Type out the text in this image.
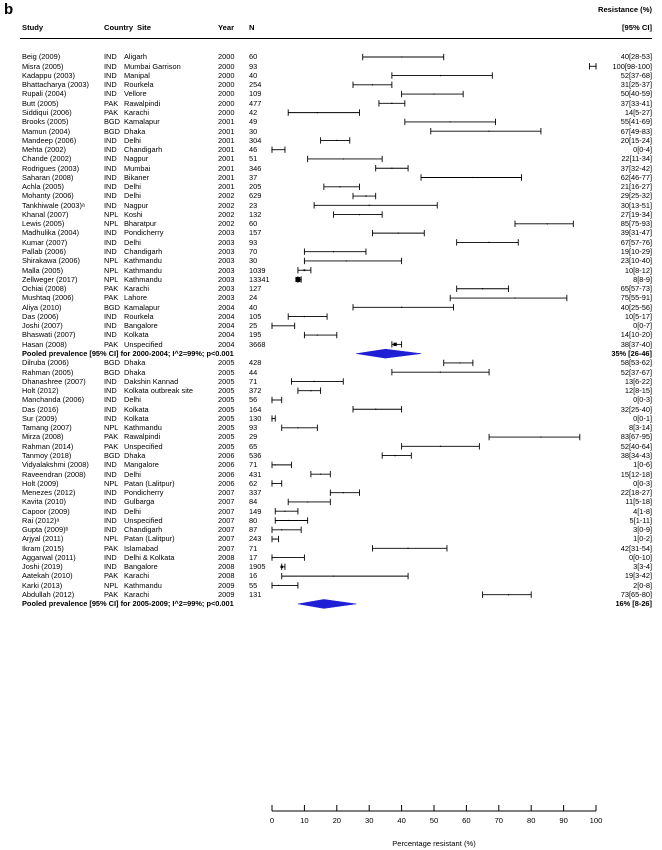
b	Resistance (%)
Study	Country Site	Year N	[95% CI]
Beig (2009)	IND Aligarh	2000 60	40[28-53]
Misra (2005)	IND Mumbai Garrison	2000 93	100[98-100]
Kadappu (2003)	IND Manipal	2000 40	52[37-68]
Bhattacharya (2003) IND Rourkela	2000 254	31[25-37]
Rupali (2004)	IND Vellore	2000 109	50[40-59]
Butt (2005)	PAK Rawalpindi	2000 477	37[33-41]
Siddiqui (2006)	PAK Karachi	2000 42	14[5-27]
Brooks (2005)	BGD Kamalapur	2001 49	55[41-69]
Mamun (2004)	BGD Dhaka	2001 30	67[49-83]
Mandeep (2006)	IND Delhi	2001 304	20[15-24]
Mehta (2002)	IND Chandigarh	2001 46	0[0-4]
Chande (2002)	IND Nagpur	2001 51	22[11-34]
Rodrigues (2003)	IND Mumbai	2001 346	37[32-42]
Saharan (2008)	IND Bikaner	2001 37	62[46-77]
Achla (2005)	IND Delhi	2001 205	21[16-27]
Mohanty (2006)	IND Delhi	2002 629	29[25-32]
Tankhiwale (2003)ᵃ	IND Nagpur	2002 23	30[13-51]
Khanal (2007)	NPL Koshi	2002 132	27[19-34]
Lewis (2005)	NPL Bharatpur	2002 60	85[75-93]
Madhulika (2004)	IND Pondicherry	2003 157	39[31-47]
Kumar (2007)	IND Delhi	2003 93	67[57-76]
Pallab (2006)	IND Chandigarh	2003 70	19[10-29]
Shirakawa (2006)	NPL Kathmandu	2003 30	23[10-40]
Malla (2005)	NPL Kathmandu	2003 1039	10[8-12]
Zellweger (2017)	NPL Kathmandu	2003 13341	8[8-9]
Ochiai (2008)	PAK Karachi	2003 127	65[57-73]
Mushtaq (2006)	PAK Lahore	2003 24	75[55-91]
Aliya (2010)	BGD Kamalapur	2004 40	40[25-56]
Das (2006)	IND Rourkela	2004 105	10[5-17]
Joshi (2007)	IND Bangalore	2004 25	0[0-7]
Bhaswati (2007)	IND Kolkata	2004 195	14[10-20]
Hasan (2008)	PAK Unspecified	2004 3668	38[37-40]
Pooled prevalence [95% CI] for 2000-2004; I^2=99%; p<0.001	35% [26-46]
Dilruba (2006)	BGD Dhaka	2005 428	58[53-62]
Rahman (2005)	BGD Dhaka	2005 44	52[37-67]
Dhanashree (2007) IND Dakshin Kannad	2005 71	13[6-22]
Holt (2012)	IND Kolkata outbreak site	2005 372	12[8-15]
Manchanda (2006)	IND Delhi	2005 56	0[0-3]
Das (2016)	IND Kolkata	2005 164	32[25-40]
Sur (2009)	IND Kolkata	2005 130	0[0-1]
Tamang (2007)	NPL Kathmandu	2005 93	8[3-14]
Mirza (2008)	PAK Rawalpindi	2005 29	83[67-95]
Rahman (2014)	PAK Unspecified	2005 65	52[40-64]
Tanmoy (2018)	BGD Dhaka	2006 536	38[34-43]
Vidyalakshmi (2008) IND Mangalore	2006 71	1[0-6]
Raveendran (2008) IND Delhi	2006 431	15[12-18]
Holt (2009)	NPL Patan (Lalitpur)	2006 62	0[0-3]
Menezes (2012)	IND Pondicherry	2007 337	22[18-27]
Kavita (2010)	IND Gulbarga	2007 84	11[5-18]
Capoor (2009)	IND Delhi	2007 149	4[1-8]
Rai (2012)ᵃ	IND Unspecified	2007 80	5[1-11]
Gupta (2009)ᵇ	IND Chandigarh	2007 87	3[0-9]
Arjyal (2011)	NPL Patan (Lalitpur)	2007 243	1[0-2]
Ikram (2015)	PAK Islamabad	2007 71	42[31-54]
Aggarwal (2011)	IND Delhi & Kolkata	2008 17	0[0-10]
Joshi (2019)	IND Bangalore	2008 1905	3[3-4]
Aatekah (2010)	PAK Karachi	2008 16	19[3-42]
Karki (2013)	NPL Kathmandu	2009 55	2[0-8]
Abdullah (2012)	PAK Karachi	2009 131	73[65-80]
Pooled prevalence [95% CI] for 2005-2009; I^2=99%; p<0.001	16% [8-26]
0	10	20	30	40	50	60	70	80	90	100
Percentage resistant (%)
